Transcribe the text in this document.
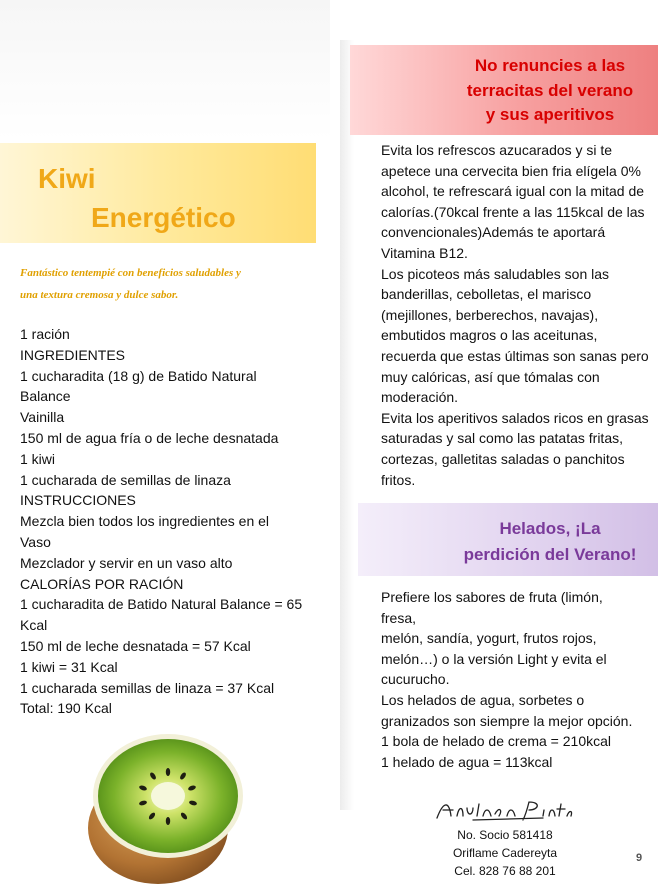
Kiwi
Energético
Fantástico tentempié con beneficios saludables y
una textura cremosa y dulce sabor.
1 ración
INGREDIENTES
1 cucharadita (18 g) de Batido Natural
Balance
Vainilla
150 ml de agua fría o de leche desnatada
1 kiwi
1 cucharada de semillas de linaza
INSTRUCCIONES
Mezcla bien todos los ingredientes en el
Vaso
Mezclador y servir en un vaso alto
CALORÍAS POR RACIÓN
1 cucharadita de Batido Natural Balance = 65
Kcal
150 ml de leche desnatada = 57 Kcal
1 kiwi = 31 Kcal
1 cucharada semillas de linaza = 37 Kcal
Total: 190 Kcal
No renuncies a las
terracitas del verano
y sus aperitivos
Evita los refrescos azucarados y si te
apetece una cervecita bien fria elígela 0%
alcohol, te refrescará igual con la mitad de
calorías.(70kcal frente a las 115kcal de las
convencionales)Además te aportará
Vitamina B12.
Los picoteos más saludables son las
banderillas, cebolletas, el marisco
(mejillones, berberechos, navajas),
embutidos magros o las aceitunas,
recuerda que estas últimas son sanas pero
muy calóricas, así que tómalas con
moderación.
Evita los aperitivos salados ricos en grasas
saturadas y sal como las patatas fritas,
cortezas, galletitas saladas o panchitos
fritos.
Helados, ¡La
perdición del Verano!
Prefiere los sabores de fruta (limón,
fresa,
melón, sandía, yogurt, frutos rojos,
melón…) o la versión Light y evita el
cucurucho.
Los helados de agua, sorbetes o
granizados son siempre la mejor opción.
1 bola de helado de crema = 210kcal
1 helado de agua = 113kcal
No. Socio 581418
Oriflame Cadereyta
Cel. 828 76 88 201
9
